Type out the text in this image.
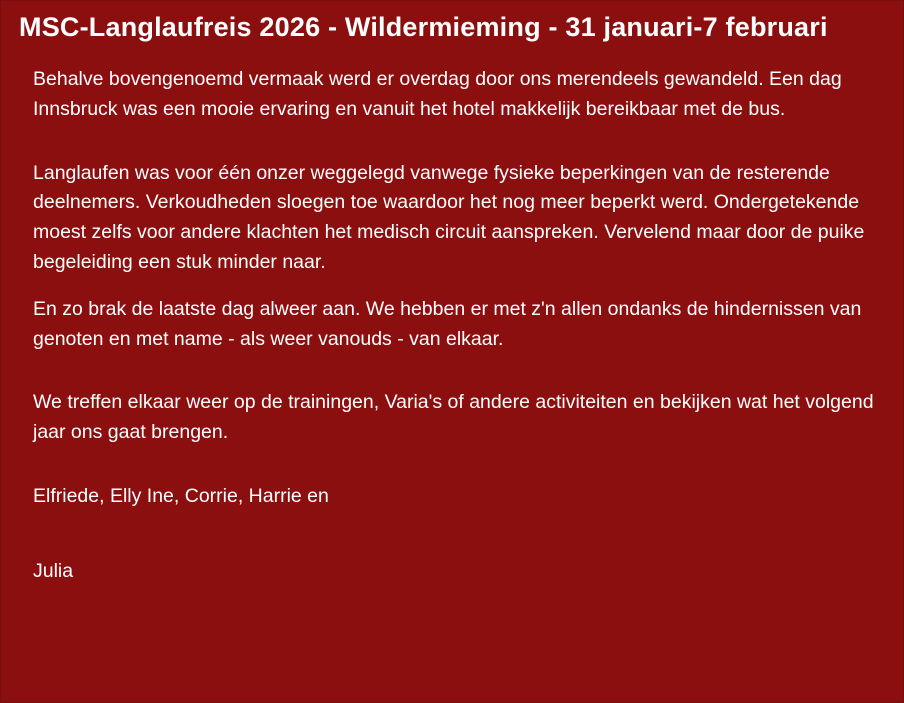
MSC-Langlaufreis 2026 - Wildermieming - 31 januari-7 februari

Behalve bovengenoemd vermaak werd er overdag door ons merendeels gewandeld. Een dag Innsbruck was een mooie ervaring en vanuit het hotel makkelijk bereikbaar met de bus.

Langlaufen was voor één onzer weggelegd vanwege fysieke beperkingen van de resterende deelnemers. Verkoudheden sloegen toe waardoor het nog meer beperkt werd. Ondergetekende moest zelfs voor andere klachten het medisch circuit aanspreken. Vervelend maar door de puike begeleiding een stuk minder naar.

En zo brak de laatste dag alweer aan. We hebben er met z'n allen ondanks de hindernissen van genoten en met name - als weer vanouds - van elkaar.

We treffen elkaar weer op de trainingen, Varia's of andere activiteiten en bekijken wat het volgend jaar ons gaat brengen.

Elfriede, Elly Ine, Corrie, Harrie en

Julia
